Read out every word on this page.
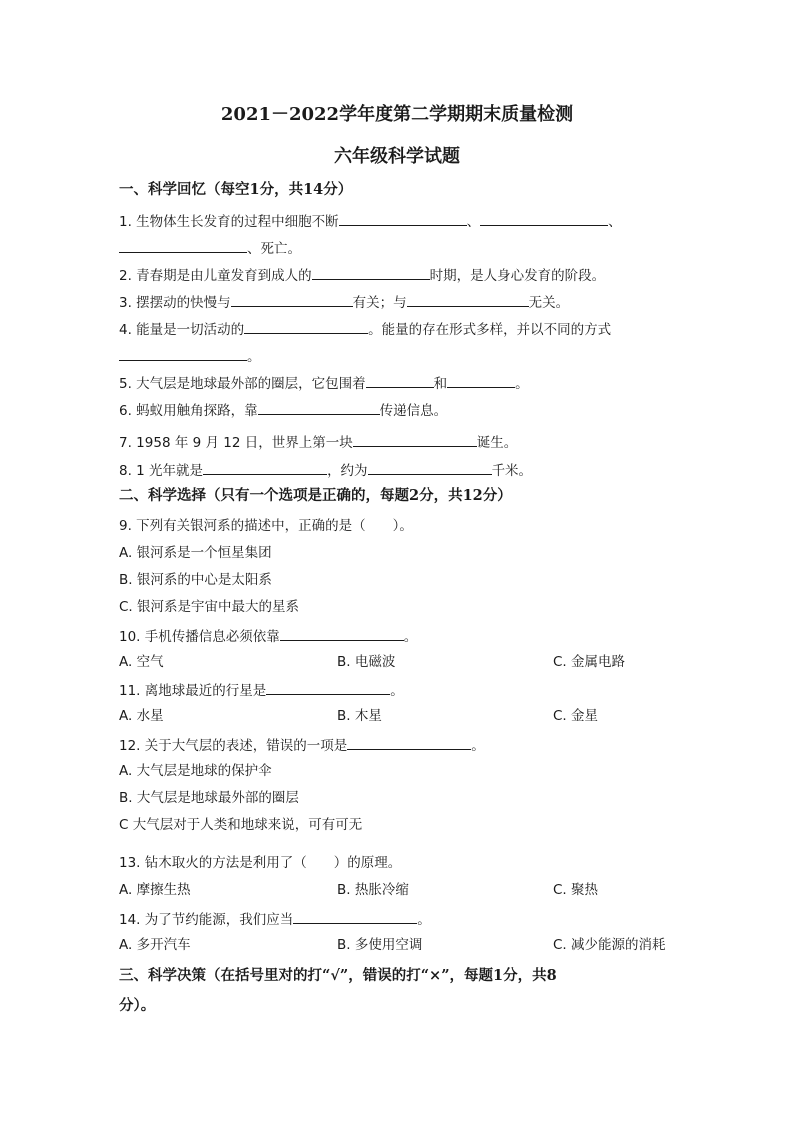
2021－2022学年度第二学期期末质量检测
六年级科学试题
一、科学回忆（每空1分，共14分）
1. 生物体生长发育的过程中细胞不断	、	、
、死亡。
2. 青春期是由儿童发育到成人的	时期，是人身心发育的阶段。
3. 摆摆动的快慢与	有关；与	无关。
4. 能量是一切活动的	。能量的存在形式多样，并以不同的方式
。
5. 大气层是地球最外部的圈层，它包围着	和	。
6. 蚂蚁用触角探路，靠	传递信息。
7. 1958 年 9 月 12 日，世界上第一块	诞生。
8. 1 光年就是	，约为	千米。
二、科学选择（只有一个选项是正确的，每题2分，共12分）
9. 下列有关银河系的描述中，正确的是（　　）。
A. 银河系是一个恒星集团
B. 银河系的中心是太阳系
C. 银河系是宇宙中最大的星系
10. 手机传播信息必须依靠	。
A. 空气	B. 电磁波	C. 金属电路
11. 离地球最近的行星是	。
A. 水星	B. 木星	C. 金星
12. 关于大气层的表述，错误的一项是	。
A. 大气层是地球的保护伞
B. 大气层是地球最外部的圈层
C 大气层对于人类和地球来说，可有可无
13. 钻木取火的方法是利用了（　　）的原理。
A. 摩擦生热	B. 热胀冷缩	C. 聚热
14. 为了节约能源，我们应当	。
A. 多开汽车	B. 多使用空调	C. 减少能源的消耗
三、科学决策（在括号里对的打“√”，错误的打“×”，每题1分，共8
分）。
